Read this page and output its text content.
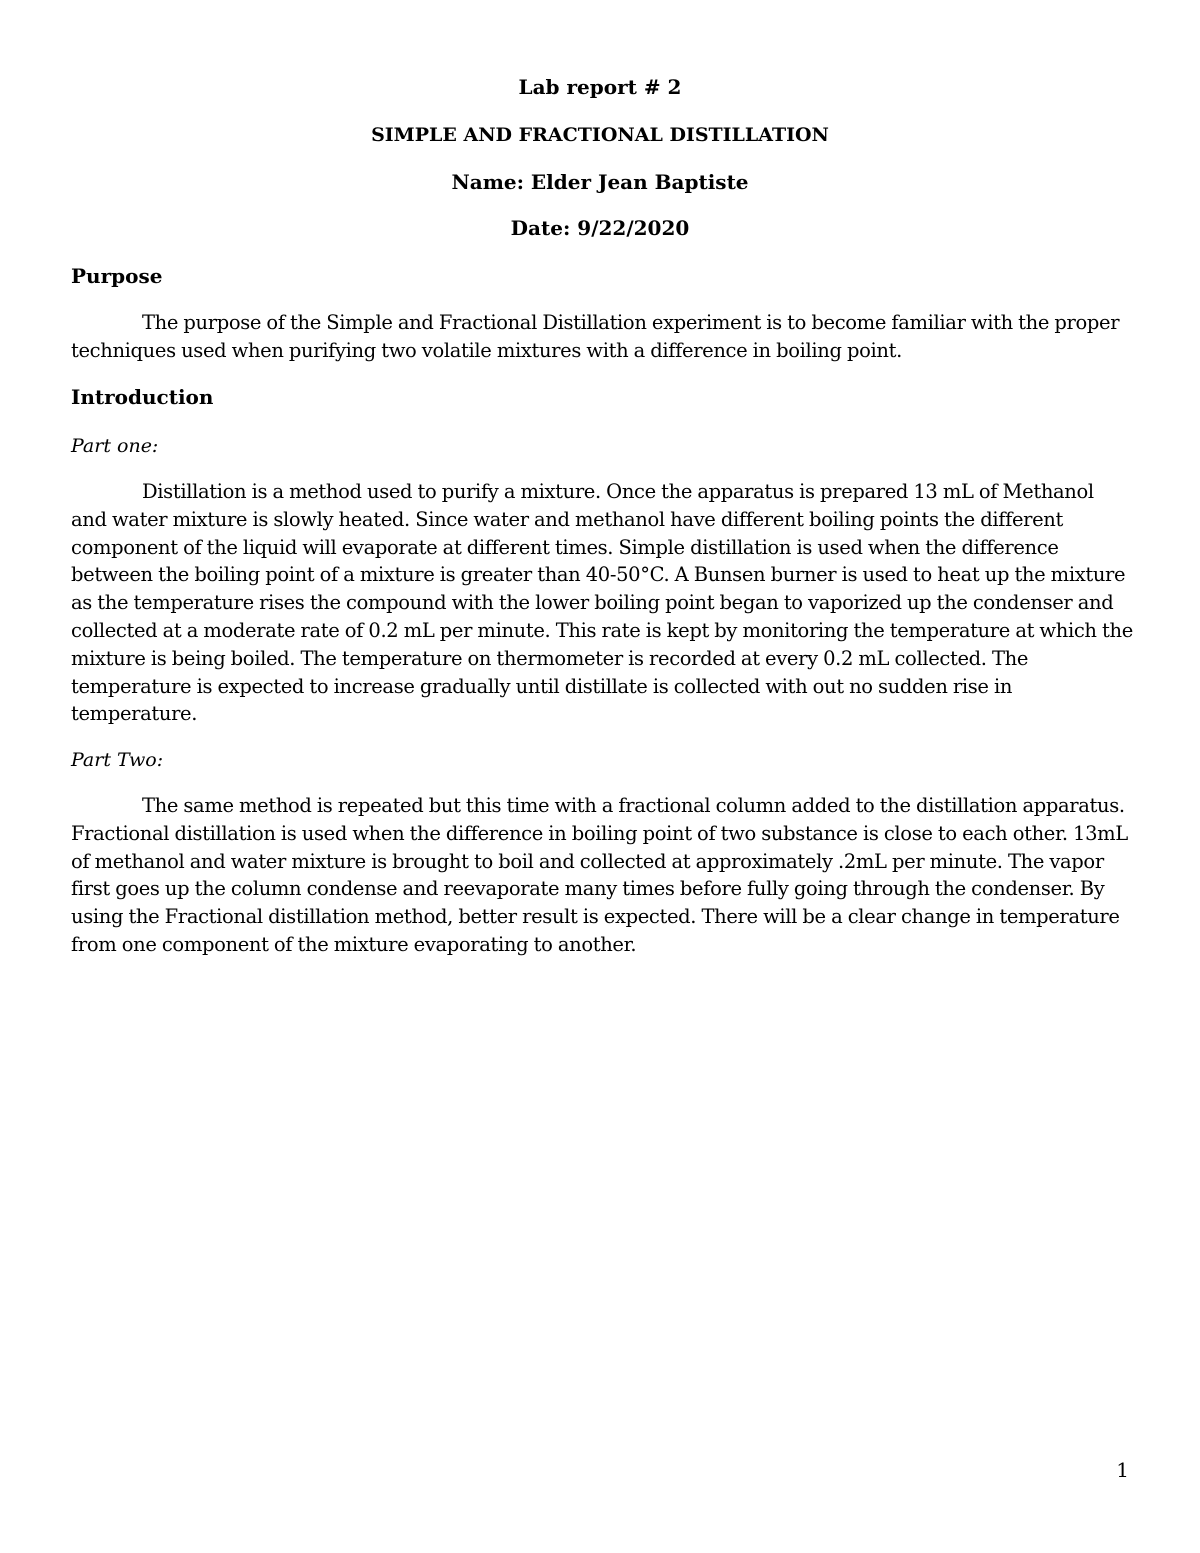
Lab report # 2

SIMPLE AND FRACTIONAL DISTILLATION

Name: Elder Jean Baptiste

Date: 9/22/2020

Purpose

The purpose of the Simple and Fractional Distillation experiment is to become familiar with the proper techniques used when purifying two volatile mixtures with a difference in boiling point.

Introduction

Part one:

Distillation is a method used to purify a mixture. Once the apparatus is prepared 13 mL of Methanol and water mixture is slowly heated. Since water and methanol have different boiling points the different component of the liquid will evaporate at different times. Simple distillation is used when the difference between the boiling point of a mixture is greater than 40-50°C. A Bunsen burner is used to heat up the mixture as the temperature rises the compound with the lower boiling point began to vaporized up the condenser and collected at a moderate rate of 0.2 mL per minute. This rate is kept by monitoring the temperature at which the mixture is being boiled. The temperature on thermometer is recorded at every 0.2 mL collected. The temperature is expected to increase gradually until distillate is collected with out no sudden rise in temperature.

Part Two:

The same method is repeated but this time with a fractional column added to the distillation apparatus. Fractional distillation is used when the difference in boiling point of two substance is close to each other. 13mL of methanol and water mixture is brought to boil and collected at approximately .2mL per minute. The vapor first goes up the column condense and reevaporate many times before fully going through the condenser. By using the Fractional distillation method, better result is expected. There will be a clear change in temperature from one component of the mixture evaporating to another.

1
